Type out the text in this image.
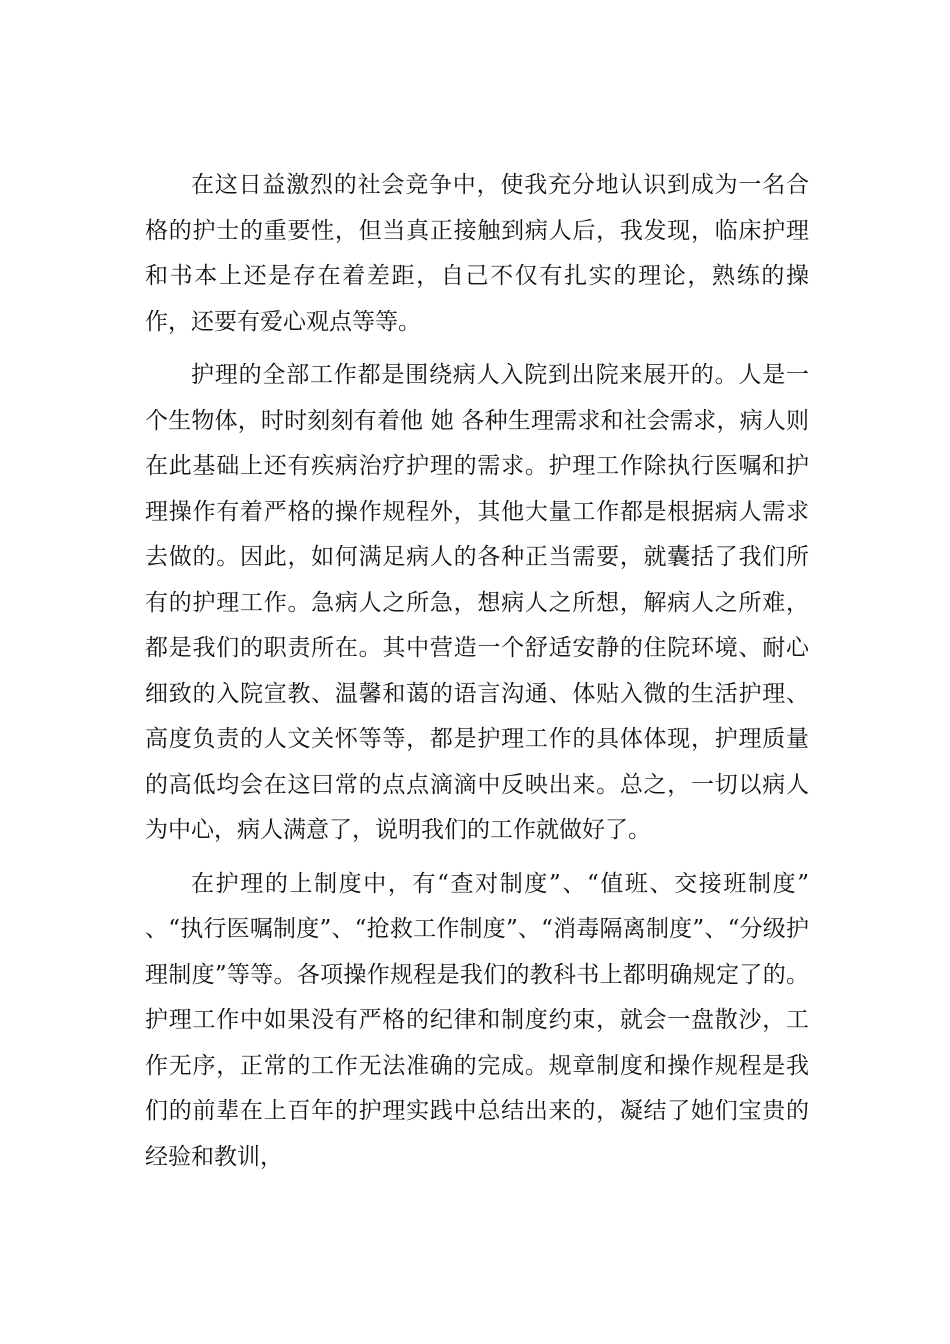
在这日益激烈的社会竞争中，使我充分地认识到成为一名合格的护士的重要性，但当真正接触到病人后，我发现，临床护理和书本上还是存在着差距，自己不仅有扎实的理论，熟练的操作，还要有爱心观点等等。

护理的全部工作都是围绕病人入院到出院来展开的。人是一个生物体，时时刻刻有着他 她 各种生理需求和社会需求，病人则在此基础上还有疾病治疗护理的需求。护理工作除执行医嘱和护理操作有着严格的操作规程外，其他大量工作都是根据病人需求去做的。因此，如何满足病人的各种正当需要，就囊括了我们所有的护理工作。急病人之所急，想病人之所想，解病人之所难，都是我们的职责所在。其中营造一个舒适安静的住院环境、耐心细致的入院宣教、温馨和蔼的语言沟通、体贴入微的生活护理、高度负责的人文关怀等等，都是护理工作的具体体现，护理质量的高低均会在这曰常的点点滴滴中反映出来。总之，一切以病人为中心，病人满意了，说明我们的工作就做好了。

在护理的上制度中，有“查对制度”、“值班、交接班制度” 、“执行医嘱制度”、“抢救工作制度”、“消毒隔离制度”、“分级护理制度”等等。各项操作规程是我们的教科书上都明确规定了的。护理工作中如果没有严格的纪律和制度约束，就会一盘散沙，工作无序，正常的工作无法准确的完成。规章制度和操作规程是我们的前辈在上百年的护理实践中总结出来的，凝结了她们宝贵的经验和教训，
